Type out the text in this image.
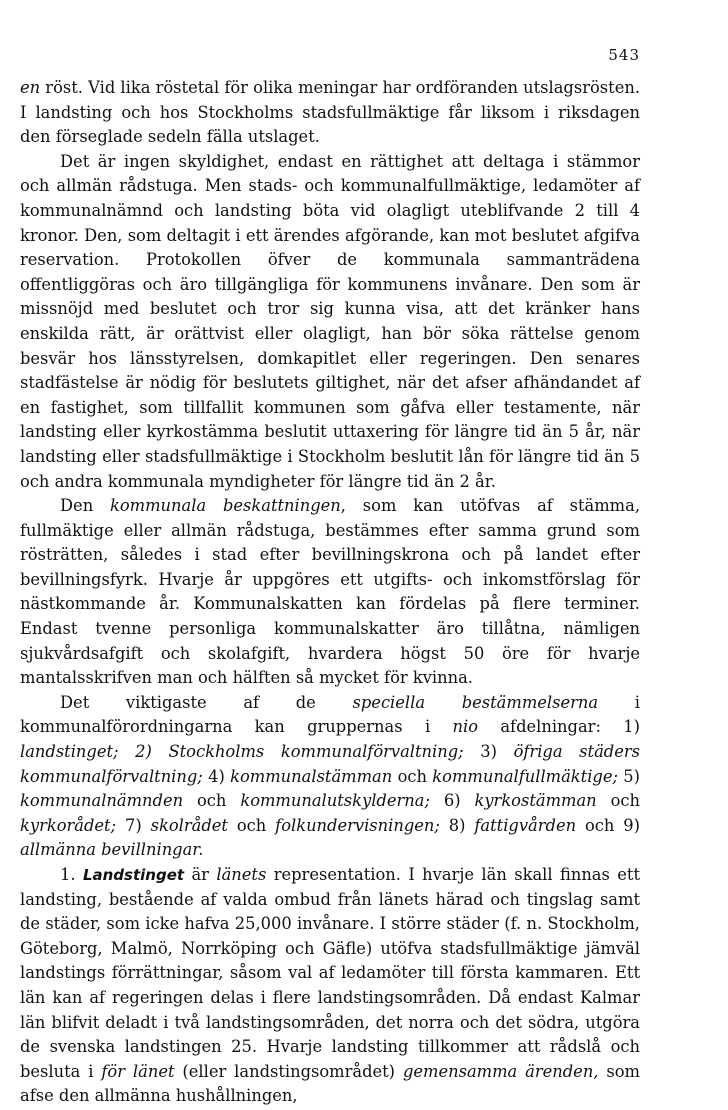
543

en röst. Vid lika röstetal för olika meningar har ordföranden utslagsrösten. I landsting och hos Stockholms stadsfullmäktige får liksom i riksdagen den förseglade sedeln fälla utslaget.

Det är ingen skyldighet, endast en rättighet att deltaga i stämmor och allmän rådstuga. Men stads- och kommunalfullmäktige, ledamöter af kommunalnämnd och landsting böta vid olagligt uteblifvande 2 till 4 kronor. Den, som deltagit i ett ärendes afgörande, kan mot beslutet afgifva reservation. Protokollen öfver de kommunala sammanträdena offentliggöras och äro tillgängliga för kommunens invånare. Den som är missnöjd med beslutet och tror sig kunna visa, att det kränker hans enskilda rätt, är orättvist eller olagligt, han bör söka rättelse genom besvär hos länsstyrelsen, domkapitlet eller regeringen. Den senares stadfästelse är nödig för beslutets giltighet, när det afser afhändandet af en fastighet, som tillfallit kommunen som gåfva eller testamente, när landsting eller kyrkostämma beslutit uttaxering för längre tid än 5 år, när landsting eller stadsfullmäktige i Stockholm beslutit lån för längre tid än 5 och andra kommunala myndigheter för längre tid än 2 år.

Den kommunala beskattningen, som kan utöfvas af stämma, fullmäktige eller allmän rådstuga, bestämmes efter samma grund som rösträtten, således i stad efter bevillningskrona och på landet efter bevillningsfyrk. Hvarje år uppgöres ett utgifts- och inkomstförslag för nästkommande år. Kommunalskatten kan fördelas på flere terminer. Endast tvenne personliga kommunalskatter äro tillåtna, nämligen sjukvårdsafgift och skolafgift, hvardera högst 50 öre för hvarje mantalsskrifven man och hälften så mycket för kvinna.

Det viktigaste af de speciella bestämmelserna i kommunalförordningarna kan gruppernas i nio afdelningar: 1) landstinget; 2) Stockholms kommunalförvaltning; 3) öfriga städers kommunalförvaltning; 4) kommunalstämman och kommunalfullmäktige; 5) kommunalnämnden och kommunalutskylderna; 6) kyrkostämman och kyrkorådet; 7) skolrådet och folkundervisningen; 8) fattigvården och 9) allmänna bevillningar.

1. Landstinget är länets representation. I hvarje län skall finnas ett landsting, bestående af valda ombud från länets härad och tingslag samt de städer, som icke hafva 25,000 invånare. I större städer (f. n. Stockholm, Göteborg, Malmö, Norrköping och Gäfle) utöfva stadsfullmäktige jämväl landstings förrättningar, såsom val af ledamöter till första kammaren. Ett län kan af regeringen delas i flere landstingsområden. Då endast Kalmar län blifvit deladt i två landstingsområden, det norra och det södra, utgöra de svenska landstingen 25. Hvarje landsting tillkommer att rådslå och besluta i för länet (eller landstingsområdet) gemensamma ärenden, som afse den allmänna hushållningen,
